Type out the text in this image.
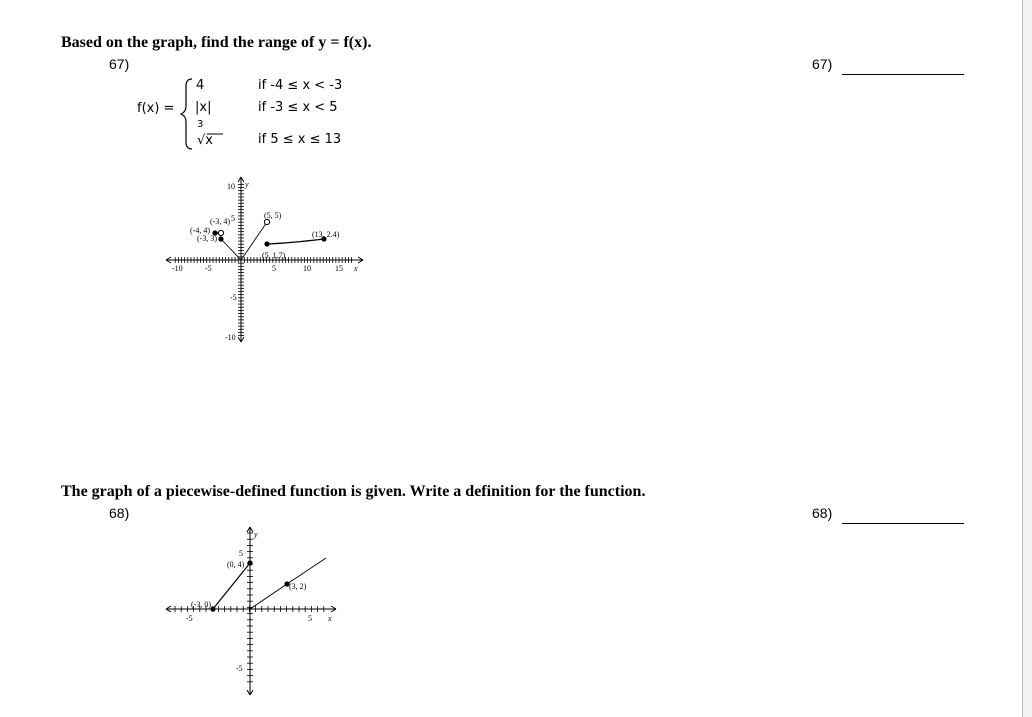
Based on the graph, find the range of y = f(x).
67)	67)
f(x) =
4	if -4 ≤ x < -3
|x|	if -3 ≤ x < 5
3
√x	if 5 ≤ x ≤ 13
(-4, 4)
(-3, 4)
(-3, 3)
(5, 5)
(5, 1.7)
(13, 2.4)
-10	-5	5	10	15 x
10 y
5
-5
-10
The graph of a piecewise-defined function is given. Write a definition for the function.
68)	68)
(0, 4)
(3, 2)
(-3, 0)
-5	5 x
y
5
-5
